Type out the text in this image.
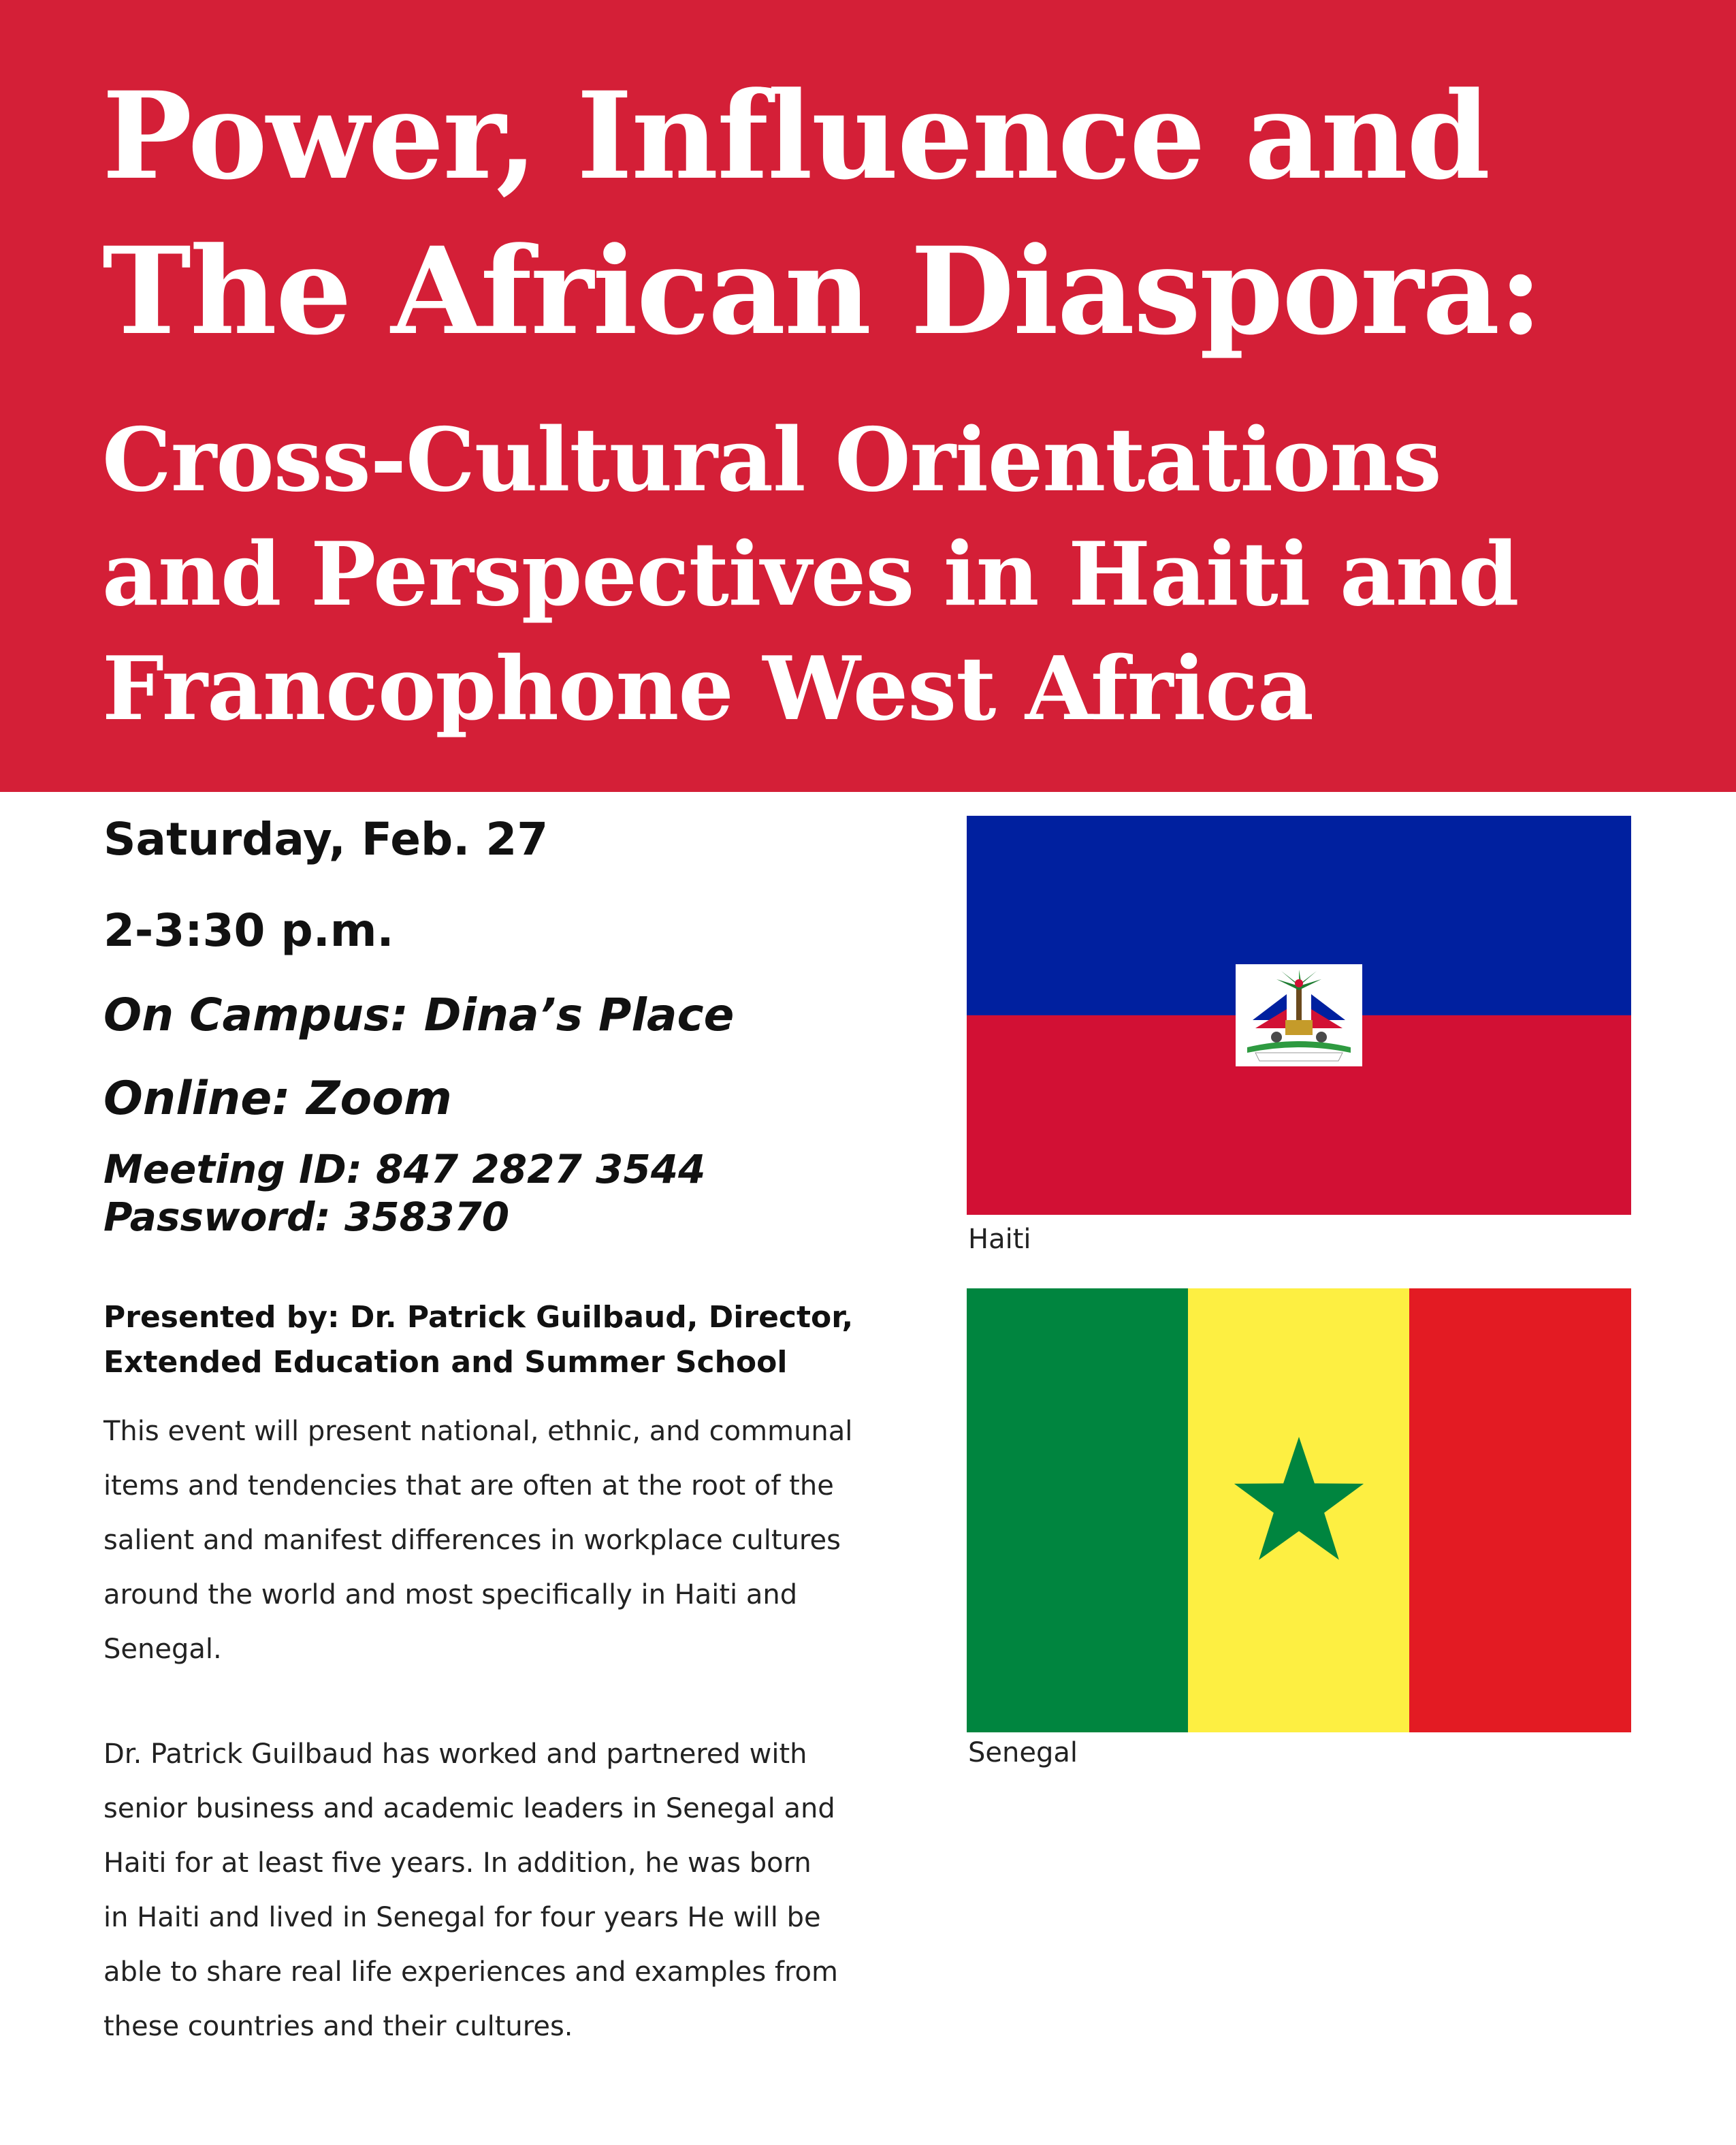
Power, Influence and
The African Diaspora:
Cross-Cultural Orientations
and Perspectives in Haiti and
Francophone West Africa

Saturday, Feb. 27

2-3:30 p.m.

On Campus: Dina’s Place

Online: Zoom

Meeting ID: 847 2827 3544

Password: 358370

Presented by: Dr. Patrick Guilbaud, Director,
Extended Education and Summer School
This event will present national, ethnic, and communal
items and tendencies that are often at the root of the
salient and manifest differences in workplace cultures
around the world and most specifically in Haiti and
Senegal.
Dr. Patrick Guilbaud has worked and partnered with
senior business and academic leaders in Senegal and
Haiti for at least five years. In addition, he was born
in Haiti and lived in Senegal for four years He will be
able to share real life experiences and examples from
these countries and their cultures.

Haiti

Senegal
